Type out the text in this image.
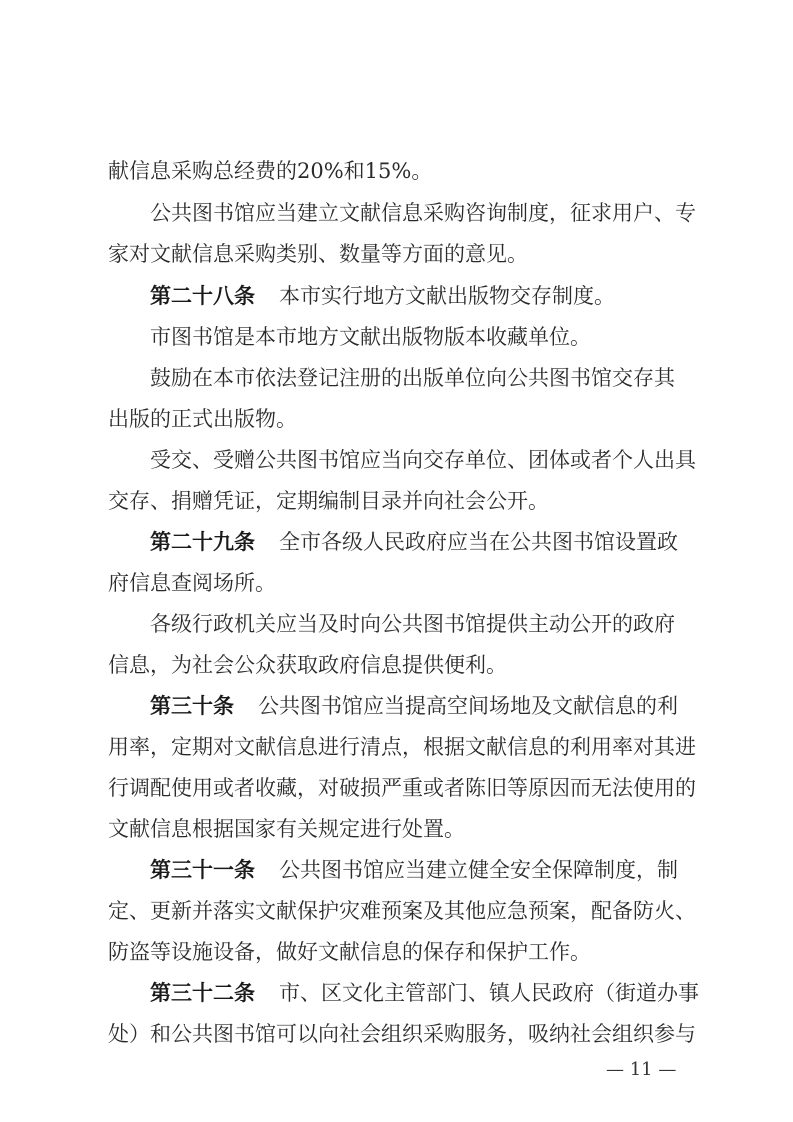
献信息采购总经费的20%和15%。
公共图书馆应当建立文献信息采购咨询制度，征求用户、专
家对文献信息采购类别、数量等方面的意见。
第二十八条 本市实行地方文献出版物交存制度。
市图书馆是本市地方文献出版物版本收藏单位。
鼓励在本市依法登记注册的出版单位向公共图书馆交存其
出版的正式出版物。
受交、受赠公共图书馆应当向交存单位、团体或者个人出具
交存、捐赠凭证，定期编制目录并向社会公开。
第二十九条 全市各级人民政府应当在公共图书馆设置政
府信息查阅场所。
各级行政机关应当及时向公共图书馆提供主动公开的政府
信息，为社会公众获取政府信息提供便利。
第三十条 公共图书馆应当提高空间场地及文献信息的利
用率，定期对文献信息进行清点，根据文献信息的利用率对其进
行调配使用或者收藏，对破损严重或者陈旧等原因而无法使用的
文献信息根据国家有关规定进行处置。
第三十一条 公共图书馆应当建立健全安全保障制度，制
定、更新并落实文献保护灾难预案及其他应急预案，配备防火、
防盗等设施设备，做好文献信息的保存和保护工作。
第三十二条 市、区文化主管部门、镇人民政府（街道办事
处）和公共图书馆可以向社会组织采购服务，吸纳社会组织参与
— 11 —
